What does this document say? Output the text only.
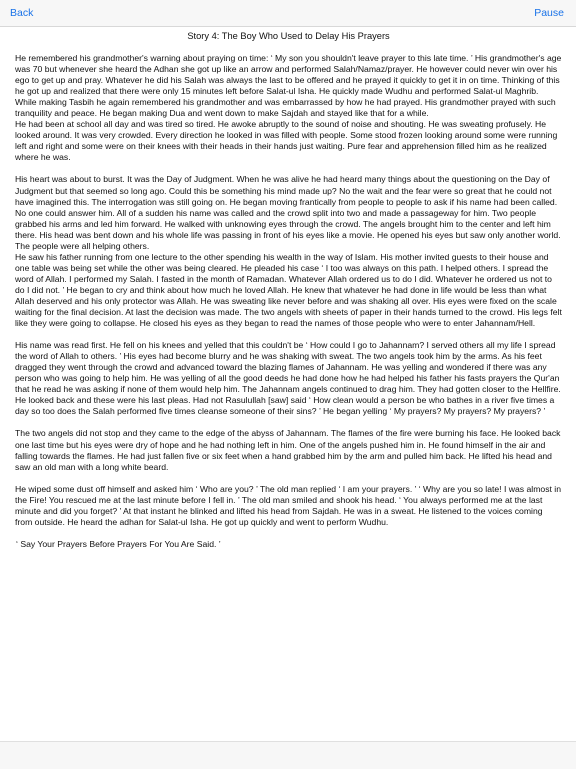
Back	Pause
Story 4: The Boy Who Used to Delay His Prayers

He remembered his grandmother's warning about praying on time: ‘ My son you shouldn't leave prayer to this late time. ’ His grandmother's age was 70 but whenever she heard the Adhan she got up like an arrow and performed Salah/Namaz/prayer. He however could never win over his ego to get up and pray. Whatever he did his Salah was always the last to be offered and he prayed it quickly to get it in on time. Thinking of this he got up and realized that there were only 15 minutes left before Salat-ul Isha. He quickly made Wudhu and performed Salat-ul Maghrib. While making Tasbih he again remembered his grandmother and was embarrassed by how he had prayed. His grandmother prayed with such tranquility and peace. He began making Dua and went down to make Sajdah and stayed like that for a while.

He had been at school all day and was tired so tired. He awoke abruptly to the sound of noise and shouting. He was sweating profusely. He looked around. It was very crowded. Every direction he looked in was filled with people. Some stood frozen looking around some were running left and right and some were on their knees with their heads in their hands just waiting. Pure fear and apprehension filled him as he realized where he was.

His heart was about to burst. It was the Day of Judgment. When he was alive he had heard many things about the questioning on the Day of Judgment but that seemed so long ago. Could this be something his mind made up? No the wait and the fear were so great that he could not have imagined this. The interrogation was still going on. He began moving frantically from people to people to ask if his name had been called. No one could answer him. All of a sudden his name was called and the crowd split into two and made a passageway for him. Two people grabbed his arms and led him forward. He walked with unknowing eyes through the crowd. The angels brought him to the center and left him there. His head was bent down and his whole life was passing in front of his eyes like a movie. He opened his eyes but saw only another world. The people were all helping others.

He saw his father running from one lecture to the other spending his wealth in the way of Islam. His mother invited guests to their house and one table was being set while the other was being cleared. He pleaded his case ‘ I too was always on this path. I helped others. I spread the word of Allah. I performed my Salah. I fasted in the month of Ramadan. Whatever Allah ordered us to do I did. Whatever he ordered us not to do I did not. ’ He began to cry and think about how much he loved Allah. He knew that whatever he had done in life would be less than what Allah deserved and his only protector was Allah. He was sweating like never before and was shaking all over. His eyes were fixed on the scale waiting for the final decision. At last the decision was made. The two angels with sheets of paper in their hands turned to the crowd. His legs felt like they were going to collapse. He closed his eyes as they began to read the names of those people who were to enter Jahannam/Hell.

His name was read first. He fell on his knees and yelled that this couldn't be ‘ How could I go to Jahannam? I served others all my life I spread the word of Allah to others. ’ His eyes had become blurry and he was shaking with sweat. The two angels took him by the arms. As his feet dragged they went through the crowd and advanced toward the blazing flames of Jahannam. He was yelling and wondered if there was any person who was going to help him. He was yelling of all the good deeds he had done how he had helped his father his fasts prayers the Qur'an that he read he was asking if none of them would help him. The Jahannam angels continued to drag him. They had gotten closer to the Hellfire. He looked back and these were his last pleas. Had not Rasulullah [saw] said ‘ How clean would a person be who bathes in a river five times a day so too does the Salah performed five times cleanse someone of their sins? ’ He began yelling ‘ My prayers? My prayers? My prayers? ’

The two angels did not stop and they came to the edge of the abyss of Jahannam. The flames of the fire were burning his face. He looked back one last time but his eyes were dry of hope and he had nothing left in him. One of the angels pushed him in. He found himself in the air and falling towards the flames. He had just fallen five or six feet when a hand grabbed him by the arm and pulled him back. He lifted his head and saw an old man with a long white beard.

He wiped some dust off himself and asked him ‘ Who are you? ’ The old man replied ‘ I am your prayers. ’ ‘ Why are you so late! I was almost in the Fire! You rescued me at the last minute before I fell in. ’ The old man smiled and shook his head. ‘ You always performed me at the last minute and did you forget? ’ At that instant he blinked and lifted his head from Sajdah. He was in a sweat. He listened to the voices coming from outside. He heard the adhan for Salat-ul Isha. He got up quickly and went to perform Wudhu.

‘ Say Your Prayers Before Prayers For You Are Said. ’
